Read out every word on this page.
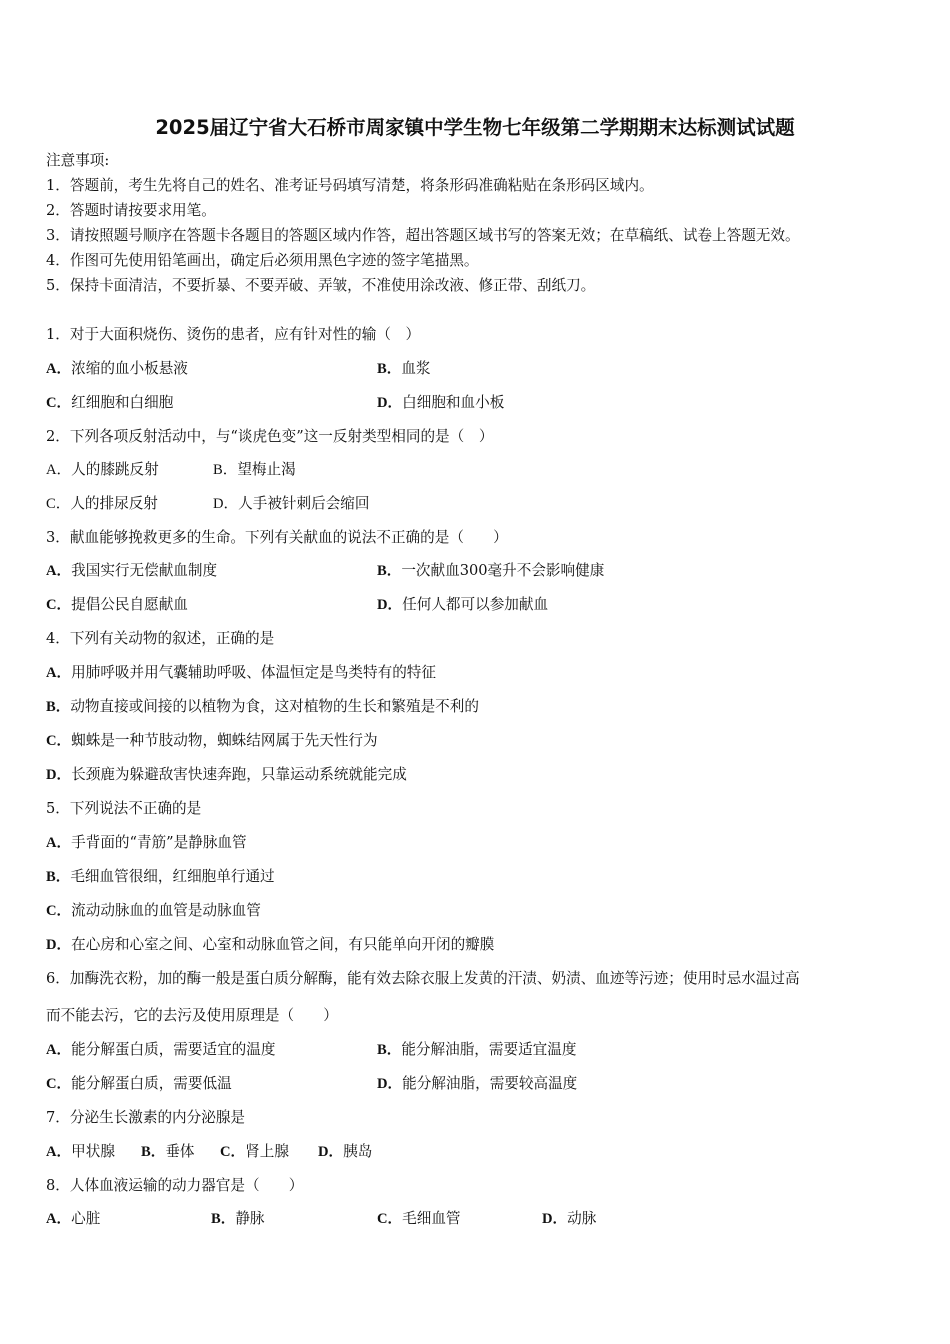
2025届辽宁省大石桥市周家镇中学生物七年级第二学期期末达标测试试题
注意事项:
1．答题前，考生先将自己的姓名、准考证号码填写清楚，将条形码准确粘贴在条形码区域内。
2．答题时请按要求用笔。
3．请按照题号顺序在答题卡各题目的答题区域内作答，超出答题区域书写的答案无效；在草稿纸、试卷上答题无效。
4．作图可先使用铅笔画出，确定后必须用黑色字迹的签字笔描黑。
5．保持卡面清洁，不要折暴、不要弄破、弄皱，不准使用涂改液、修正带、刮纸刀。
1．对于大面积烧伤、烫伤的患者，应有针对性的输（　）
A．浓缩的血小板悬液	B．血浆
C．红细胞和白细胞	D．白细胞和血小板
2．下列各项反射活动中，与“谈虎色变”这一反射类型相同的是（　）
A．人的膝跳反射	B．望梅止渴
C．人的排尿反射	D．人手被针刺后会缩回
3．献血能够挽救更多的生命。下列有关献血的说法不正确的是（　　）
A．我国实行无偿献血制度	B．一次献血300毫升不会影响健康
C．提倡公民自愿献血	D．任何人都可以参加献血
4．下列有关动物的叙述，正确的是
A．用肺呼吸并用气囊辅助呼吸、体温恒定是鸟类特有的特征
B．动物直接或间接的以植物为食，这对植物的生长和繁殖是不利的
C．蜘蛛是一种节肢动物，蜘蛛结网属于先天性行为
D．长颈鹿为躲避敌害快速奔跑，只靠运动系统就能完成
5．下列说法不正确的是
A．手背面的“青筋”是静脉血管
B．毛细血管很细，红细胞单行通过
C．流动动脉血的血管是动脉血管
D．在心房和心室之间、心室和动脉血管之间，有只能单向开闭的瓣膜
6．加酶洗衣粉，加的酶一般是蛋白质分解酶，能有效去除衣服上发黄的汗渍、奶渍、血迹等污迹；使用时忌水温过高
而不能去污，它的去污及使用原理是（　　）
A．能分解蛋白质，需要适宜的温度	B．能分解油脂，需要适宜温度
C．能分解蛋白质，需要低温	D．能分解油脂，需要较高温度
7．分泌生长激素的内分泌腺是
A．甲状腺 B．垂体 C．肾上腺 D．胰岛
8．人体血液运输的动力器官是（　　）
A．心脏	B．静脉	C．毛细血管	D．动脉
